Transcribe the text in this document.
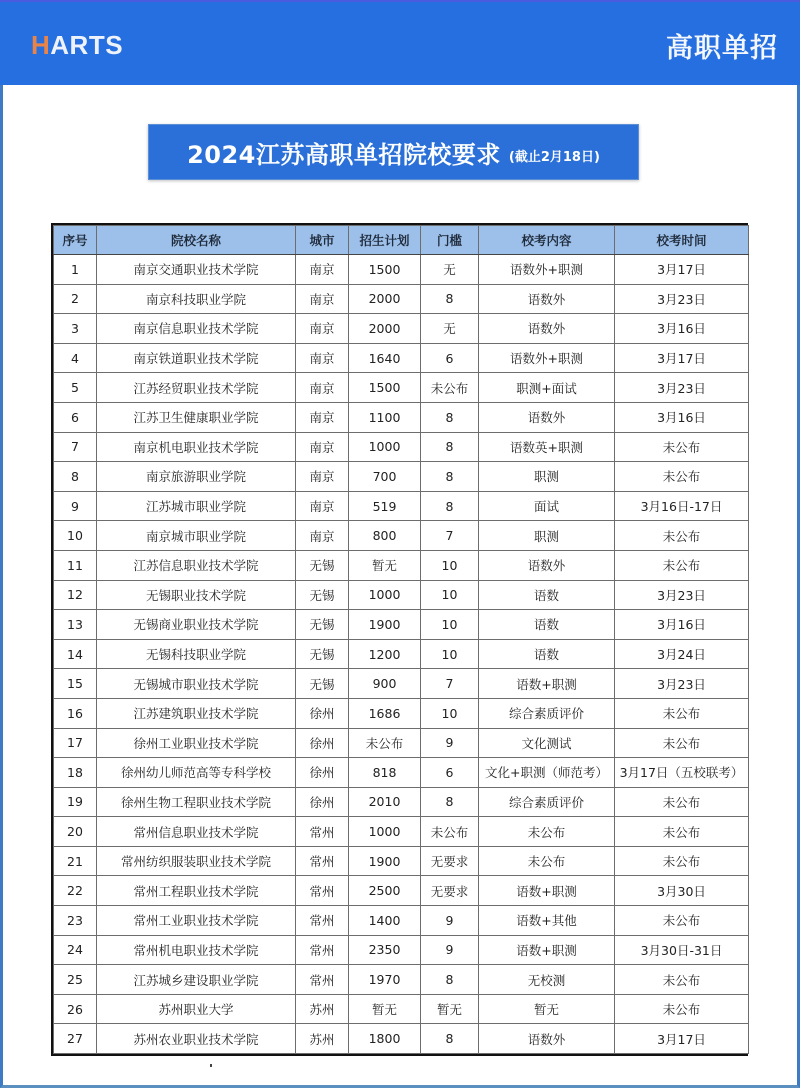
HARTS	高职单招
2024江苏高职单招院校要求 (截止2月18日)
序号	院校名称	城市	招生计划	门槛	校考内容	校考时间
1	南京交通职业技术学院	南京	1500	无	语数外+职测	3月17日
2	南京科技职业学院	南京	2000	8	语数外	3月23日
3	南京信息职业技术学院	南京	2000	无	语数外	3月16日
4	南京铁道职业技术学院	南京	1640	6	语数外+职测	3月17日
5	江苏经贸职业技术学院	南京	1500	未公布	职测+面试	3月23日
6	江苏卫生健康职业学院	南京	1100	8	语数外	3月16日
7	南京机电职业技术学院	南京	1000	8	语数英+职测	未公布
8	南京旅游职业学院	南京	700	8	职测	未公布
9	江苏城市职业学院	南京	519	8	面试	3月16日-17日
10	南京城市职业学院	南京	800	7	职测	未公布
11	江苏信息职业技术学院	无锡	暂无	10	语数外	未公布
12	无锡职业技术学院	无锡	1000	10	语数	3月23日
13	无锡商业职业技术学院	无锡	1900	10	语数	3月16日
14	无锡科技职业学院	无锡	1200	10	语数	3月24日
15	无锡城市职业技术学院	无锡	900	7	语数+职测	3月23日
16	江苏建筑职业技术学院	徐州	1686	10	综合素质评价	未公布
17	徐州工业职业技术学院	徐州	未公布	9	文化测试	未公布
18	徐州幼儿师范高等专科学校	徐州	818	6	文化+职测（师范考）	3月17日（五校联考）
19	徐州生物工程职业技术学院	徐州	2010	8	综合素质评价	未公布
20	常州信息职业技术学院	常州	1000	未公布	未公布	未公布
21	常州纺织服装职业技术学院	常州	1900	无要求	未公布	未公布
22	常州工程职业技术学院	常州	2500	无要求	语数+职测	3月30日
23	常州工业职业技术学院	常州	1400	9	语数+其他	未公布
24	常州机电职业技术学院	常州	2350	9	语数+职测	3月30日-31日
25	江苏城乡建设职业学院	常州	1970	8	无校测	未公布
26	苏州职业大学	苏州	暂无	暂无	暂无	未公布
27	苏州农业职业技术学院	苏州	1800	8	语数外	3月17日
